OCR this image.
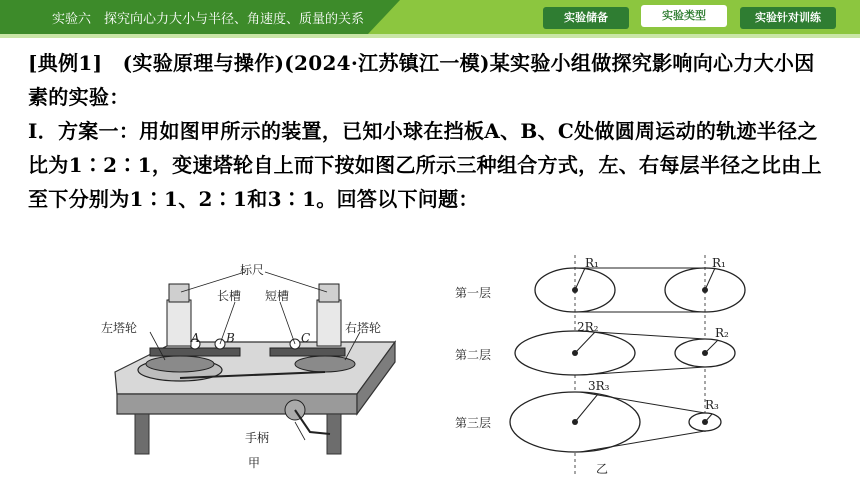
实验六　探究向心力大小与半径、角速度、质量的关系	实验储备	实验类型	实验针对训练

[典例1]　(实验原理与操作)(2024·江苏镇江一模)某实验小组做探究影响向心力大小因素的实验：

Ⅰ．方案一：用如图甲所示的装置，已知小球在挡板A、B、C处做圆周运动的轨迹半径之比为1∶2∶1，变速塔轮自上而下按如图乙所示三种组合方式，左、右每层半径之比由上至下分别为1∶1、2∶1和3∶1。回答以下问题：

标尺
长槽 短槽
左塔轮	右塔轮
A B	C
手柄
甲
R₁	R₁
第一层
2R₂	R₂
第二层
3R₃
R₃
第三层
乙
